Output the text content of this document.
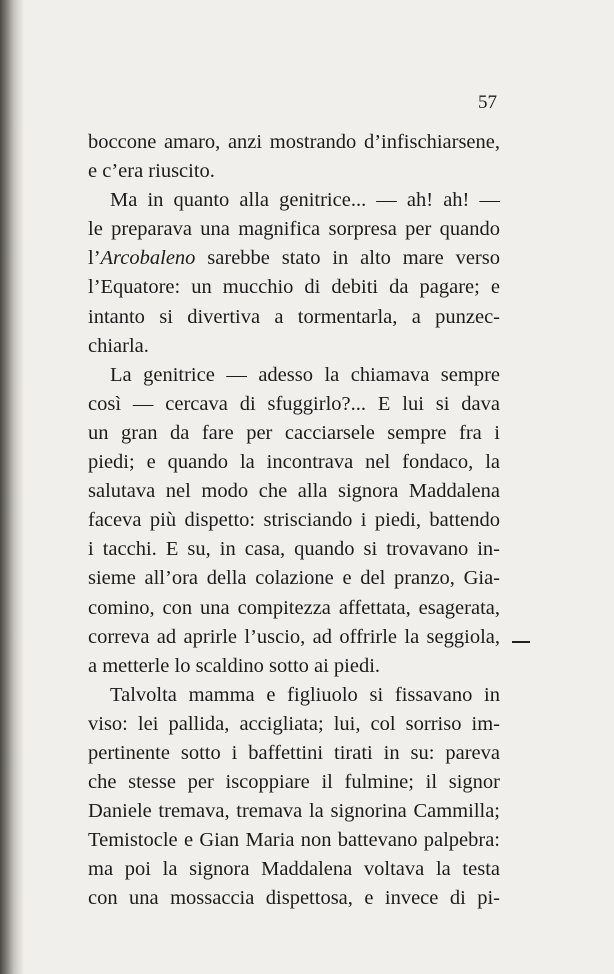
57
boccone amaro, anzi mostrando d’infischiarsene,
e c’era riuscito.
Ma in quanto alla genitrice... — ah! ah! —
le preparava una magnifica sorpresa per quando
l’Arcobaleno sarebbe stato in alto mare verso
l’Equatore: un mucchio di debiti da pagare; e
intanto si divertiva a tormentarla, a punzec-
chiarla.
La genitrice — adesso la chiamava sempre
così — cercava di sfuggirlo?... E lui si dava
un gran da fare per cacciarsele sempre fra i
piedi; e quando la incontrava nel fondaco, la
salutava nel modo che alla signora Maddalena
faceva più dispetto: strisciando i piedi, battendo
i tacchi. E su, in casa, quando si trovavano in-
sieme all’ora della colazione e del pranzo, Gia-
comino, con una compitezza affettata, esagerata,
correva ad aprirle l’uscio, ad offrirle la seggiola,
a metterle lo scaldino sotto ai piedi.
Talvolta mamma e figliuolo si fissavano in
viso: lei pallida, accigliata; lui, col sorriso im-
pertinente sotto i baffettini tirati in su: pareva
che stesse per iscoppiare il fulmine; il signor
Daniele tremava, tremava la signorina Cammilla;
Temistocle e Gian Maria non battevano palpebra:
ma poi la signora Maddalena voltava la testa
con una mossaccia dispettosa, e invece di pi-
